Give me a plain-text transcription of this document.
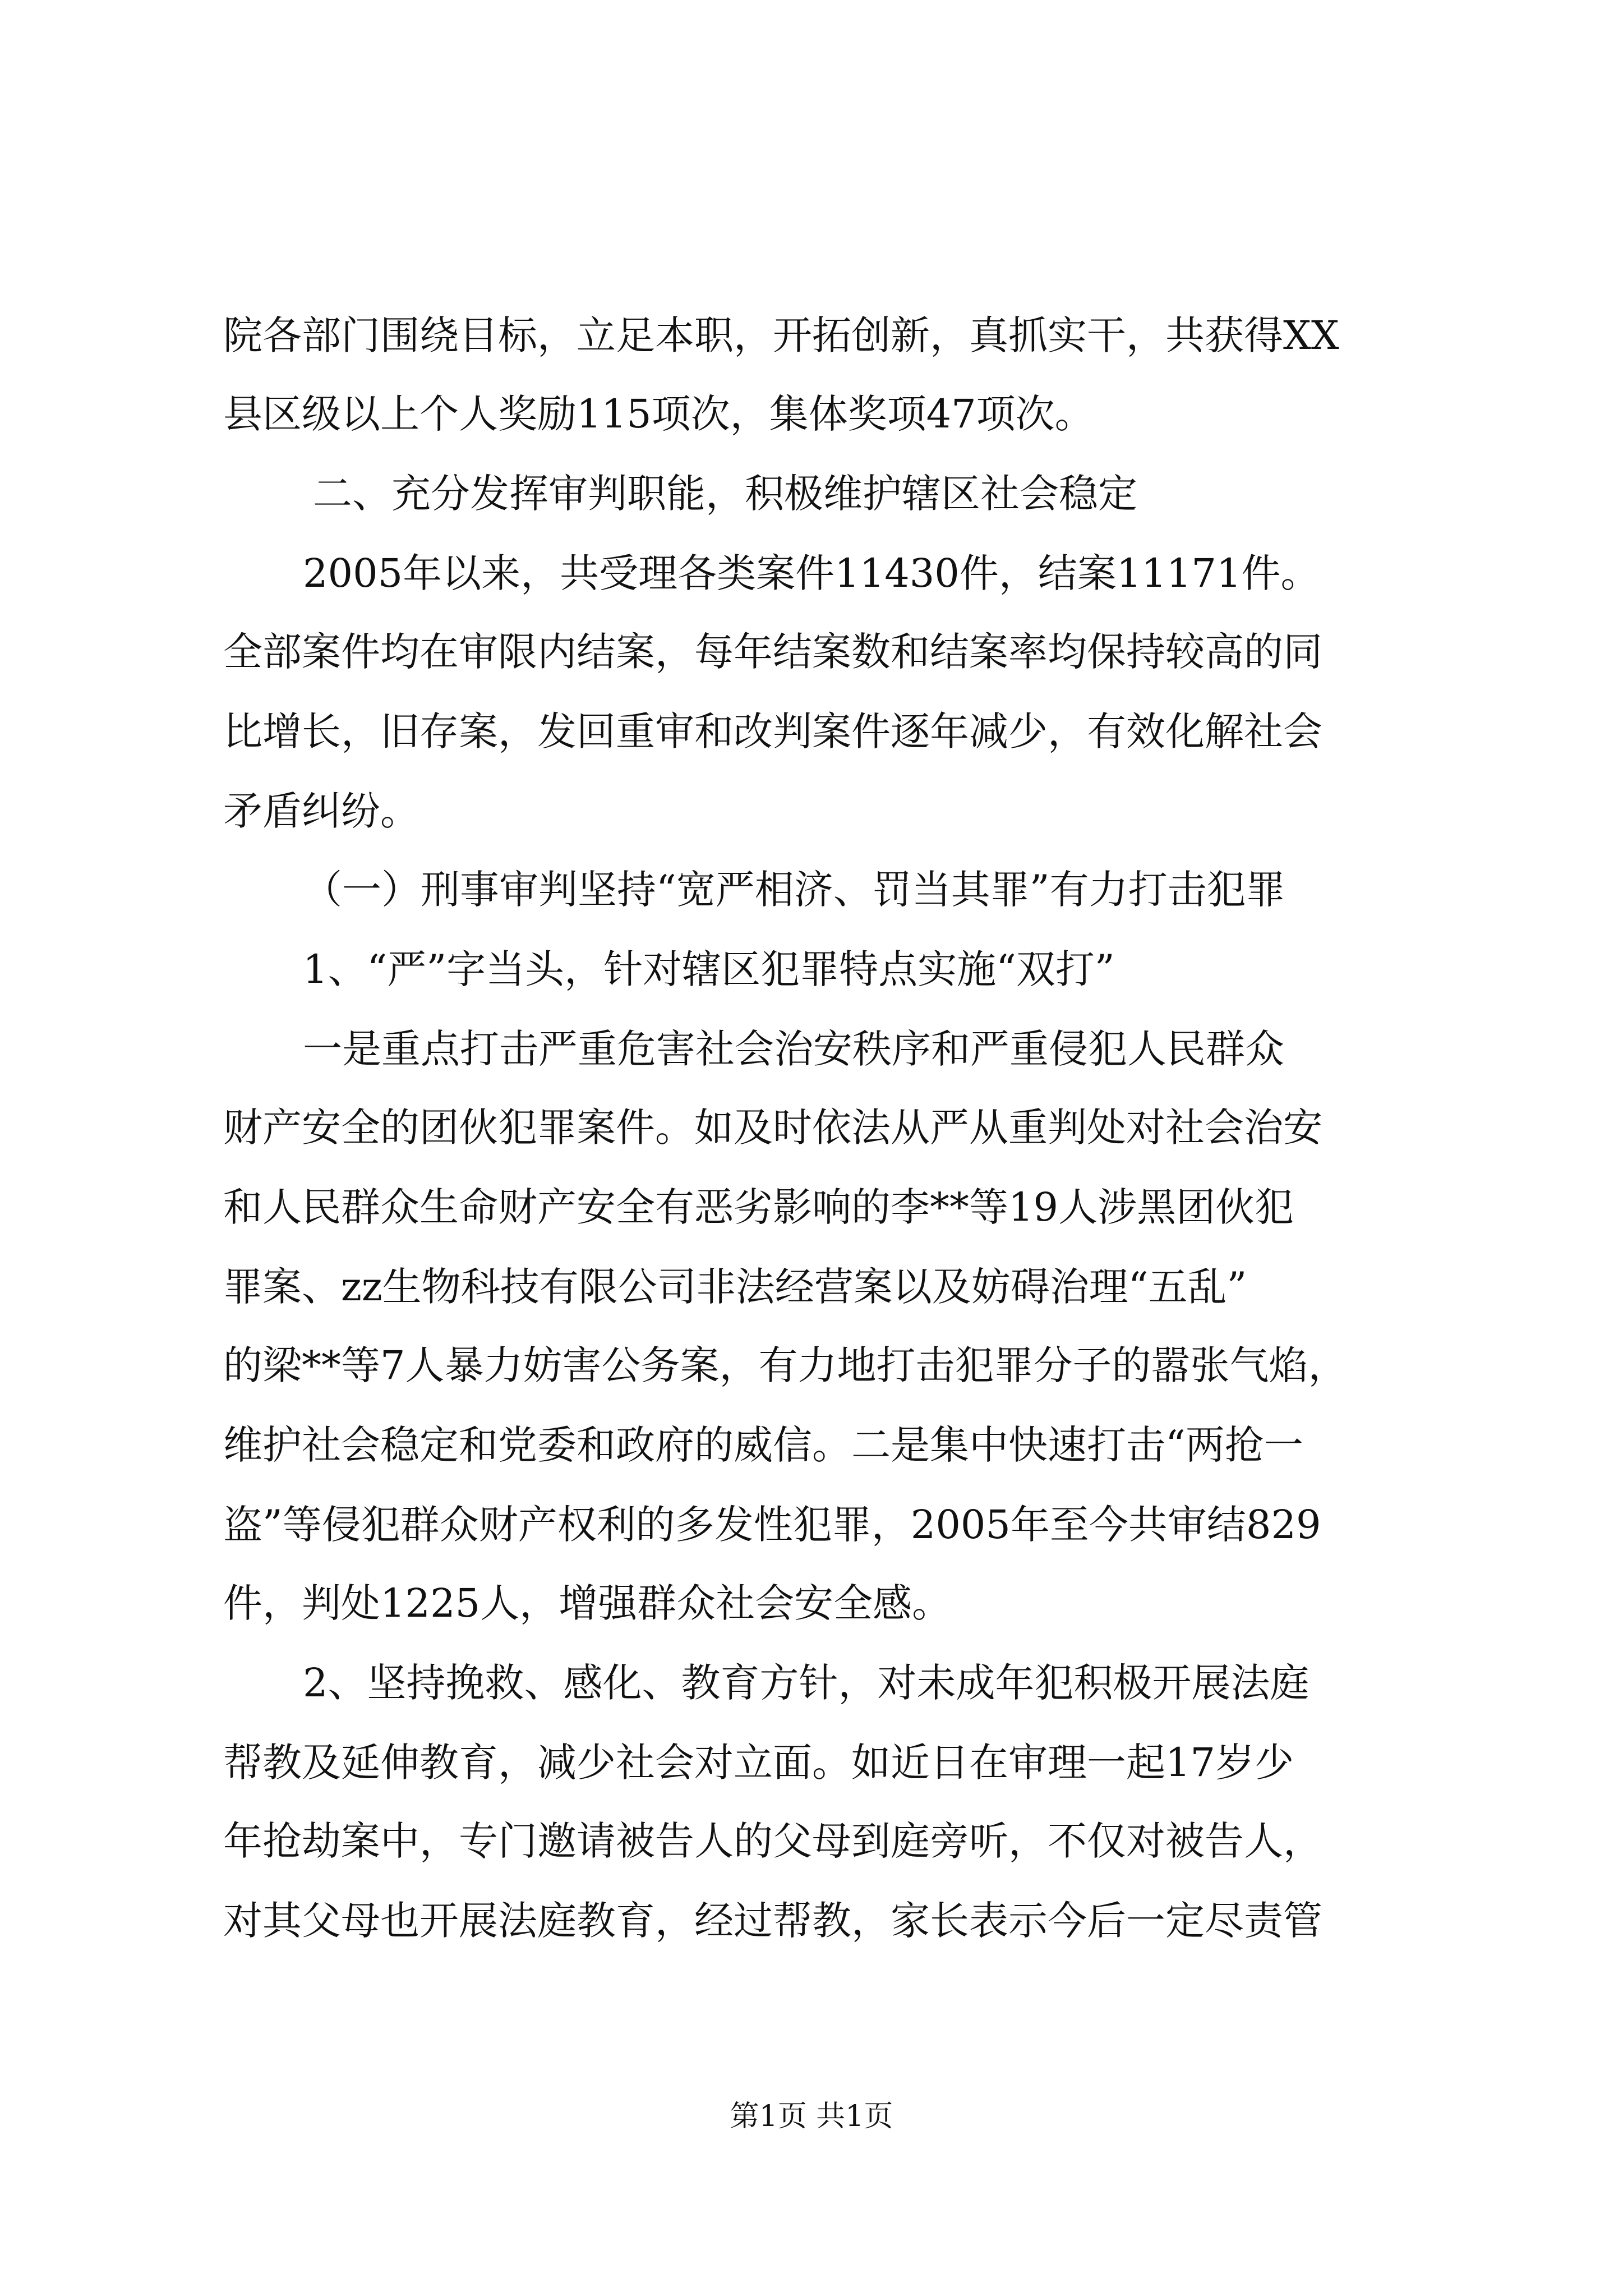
院各部门围绕目标，立足本职，开拓创新，真抓实干，共获得XX
县区级以上个人奖励115项次，集体奖项47项次。
二、充分发挥审判职能，积极维护辖区社会稳定
2005年以来，共受理各类案件11430件，结案11171件。
全部案件均在审限内结案，每年结案数和结案率均保持较高的同
比增长，旧存案，发回重审和改判案件逐年减少，有效化解社会
矛盾纠纷。
（一）刑事审判坚持“宽严相济、罚当其罪”有力打击犯罪
1、“严”字当头，针对辖区犯罪特点实施“双打”
一是重点打击严重危害社会治安秩序和严重侵犯人民群众
财产安全的团伙犯罪案件。如及时依法从严从重判处对社会治安
和人民群众生命财产安全有恶劣影响的李**等19人涉黑团伙犯
罪案、zz生物科技有限公司非法经营案以及妨碍治理“五乱”
的梁**等7人暴力妨害公务案，有力地打击犯罪分子的嚣张气焰，
维护社会稳定和党委和政府的威信。二是集中快速打击“两抢一
盗”等侵犯群众财产权利的多发性犯罪，2005年至今共审结829
件，判处1225人，增强群众社会安全感。
2、坚持挽救、感化、教育方针，对未成年犯积极开展法庭
帮教及延伸教育，减少社会对立面。如近日在审理一起17岁少
年抢劫案中，专门邀请被告人的父母到庭旁听，不仅对被告人，
对其父母也开展法庭教育，经过帮教，家长表示今后一定尽责管
第1页 共1页
